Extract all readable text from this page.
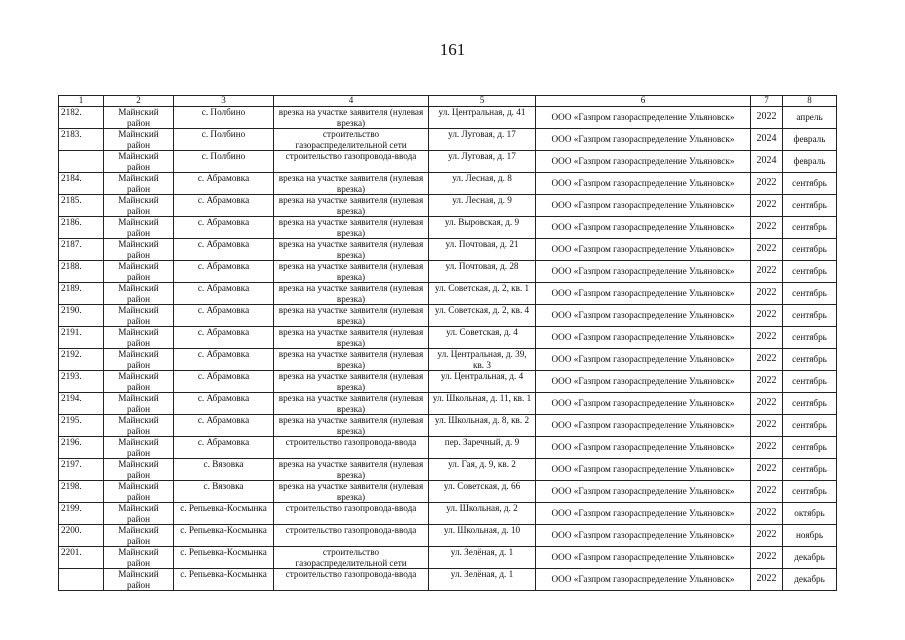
161
1	2	3	4	5	6	7	8
2182.	Майнский район	с. Полбино	врезка на участке заявителя (нулевая врезка)	ул. Центральная, д. 41	ООО «Газпром газораспределение Ульяновск»	2022	апрель
2183.	Майнский район	с. Полбино	строительство газораспределительной сети	ул. Луговая, д. 17	ООО «Газпром газораспределение Ульяновск»	2024	февраль
	Майнский район	с. Полбино	строительство газопровода-ввода	ул. Луговая, д. 17	ООО «Газпром газораспределение Ульяновск»	2024	февраль
2184.	Майнский район	с. Абрамовка	врезка на участке заявителя (нулевая врезка)	ул. Лесная, д. 8	ООО «Газпром газораспределение Ульяновск»	2022	сентябрь
2185.	Майнский район	с. Абрамовка	врезка на участке заявителя (нулевая врезка)	ул. Лесная, д. 9	ООО «Газпром газораспределение Ульяновск»	2022	сентябрь
2186.	Майнский район	с. Абрамовка	врезка на участке заявителя (нулевая врезка)	ул. Выровская, д. 9	ООО «Газпром газораспределение Ульяновск»	2022	сентябрь
2187.	Майнский район	с. Абрамовка	врезка на участке заявителя (нулевая врезка)	ул. Почтовая, д. 21	ООО «Газпром газораспределение Ульяновск»	2022	сентябрь
2188.	Майнский район	с. Абрамовка	врезка на участке заявителя (нулевая врезка)	ул. Почтовая, д. 28	ООО «Газпром газораспределение Ульяновск»	2022	сентябрь
2189.	Майнский район	с. Абрамовка	врезка на участке заявителя (нулевая врезка)	ул. Советская, д. 2, кв. 1	ООО «Газпром газораспределение Ульяновск»	2022	сентябрь
2190.	Майнский район	с. Абрамовка	врезка на участке заявителя (нулевая врезка)	ул. Советская, д. 2, кв. 4	ООО «Газпром газораспределение Ульяновск»	2022	сентябрь
2191.	Майнский район	с. Абрамовка	врезка на участке заявителя (нулевая врезка)	ул. Советская, д. 4	ООО «Газпром газораспределение Ульяновск»	2022	сентябрь
2192.	Майнский район	с. Абрамовка	врезка на участке заявителя (нулевая врезка)	ул. Центральная, д. 39, кв. 3	ООО «Газпром газораспределение Ульяновск»	2022	сентябрь
2193.	Майнский район	с. Абрамовка	врезка на участке заявителя (нулевая врезка)	ул. Центральная, д. 4	ООО «Газпром газораспределение Ульяновск»	2022	сентябрь
2194.	Майнский район	с. Абрамовка	врезка на участке заявителя (нулевая врезка)	ул. Школьная, д. 11, кв. 1	ООО «Газпром газораспределение Ульяновск»	2022	сентябрь
2195.	Майнский район	с. Абрамовка	врезка на участке заявителя (нулевая врезка)	ул. Школьная, д. 8, кв. 2	ООО «Газпром газораспределение Ульяновск»	2022	сентябрь
2196.	Майнский район	с. Абрамовка	строительство газопровода-ввода	пер. Заречный, д. 9	ООО «Газпром газораспределение Ульяновск»	2022	сентябрь
2197.	Майнский район	с. Вязовка	врезка на участке заявителя (нулевая врезка)	ул. Гая, д. 9, кв. 2	ООО «Газпром газораспределение Ульяновск»	2022	сентябрь
2198.	Майнский район	с. Вязовка	врезка на участке заявителя (нулевая врезка)	ул. Советская, д. 66	ООО «Газпром газораспределение Ульяновск»	2022	сентябрь
2199.	Майнский район	с. Репьевка-Космынка	строительство газопровода-ввода	ул. Школьная, д. 2	ООО «Газпром газораспределение Ульяновск»	2022	октябрь
2200.	Майнский район	с. Репьевка-Космынка	строительство газопровода-ввода	ул. Школьная, д. 10	ООО «Газпром газораспределение Ульяновск»	2022	ноябрь
2201.	Майнский район	с. Репьевка-Космынка	строительство газораспределительной сети	ул. Зелёная, д. 1	ООО «Газпром газораспределение Ульяновск»	2022	декабрь
	Майнский район	с. Репьевка-Космынка	строительство газопровода-ввода	ул. Зелёная, д. 1	ООО «Газпром газораспределение Ульяновск»	2022	декабрь
